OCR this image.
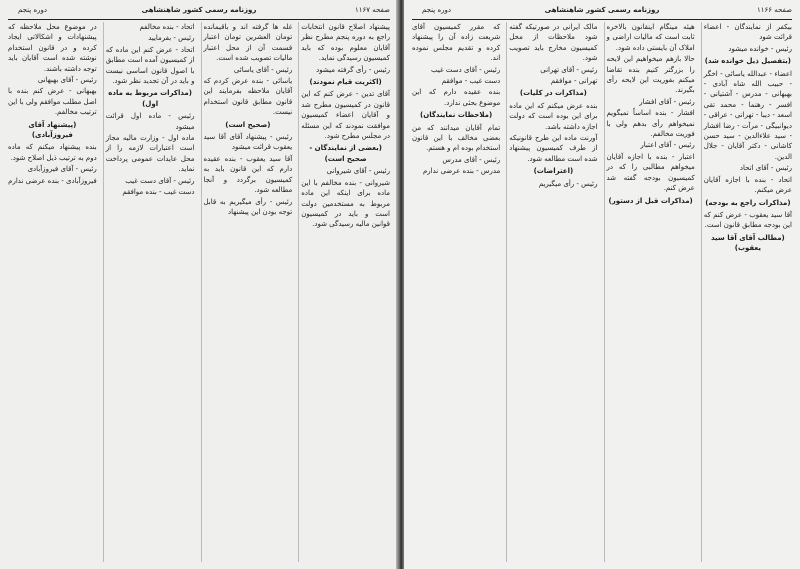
صفحه ۱۱۶۷
روزنامه رسمی کشور شاهنشاهی
دوره پنجم

پیشنهاد اصلاح قانون انتخابات راجع به دوره پنجم مطرح نظر آقایان معلوم بوده که باید کمیسیون رسیدگی نماید.

رئیس - رأی گرفته میشود

(اکثریت قیام نمودند)

آقای تدین - عرض کنم که این قانون در کمیسیون مطرح شد و آقایان اعضاء کمیسیون موافقت نمودند که این مسئله در مجلس مطرح شود.

(بعضی از نمایندگان - صحیح است)

رئیس - آقای شیروانی

شیروانی - بنده مخالفم با این ماده برای اینکه این ماده مربوط به مستخدمین دولت است و باید در کمیسیون قوانین مالیه رسیدگی شود.

غله ها گرفته اند و باقیمانده تومان العشرین تومان اعتبار قسمت آن از محل اعتبار مالیات تصویب شده است.

رئیس - آقای یاسائی

یاسائی - بنده عرض کردم که آقایان ملاحظه بفرمایند این قانون مطابق قانون استخدام نیست.

(صحیح است)

رئیس - پیشنهاد آقای آقا سید یعقوب قرائت میشود

آقا سید یعقوب - بنده عقیده دارم که این قانون باید به کمیسیون برگردد و آنجا مطالعه شود.

رئیس - رأی میگیریم به قابل توجه بودن این پیشنهاد

اتحاد - بنده مخالفم

رئیس - بفرمایید

اتحاد - عرض کنم این ماده که از کمیسیون آمده است مطابق با اصول قانون اساسی نیست و باید در آن تجدید نظر شود.

(مذاکرات مربوط به ماده اول)

رئیس - ماده اول قرائت میشود

ماده اول - وزارت مالیه مجاز است اعتبارات لازمه را از محل عایدات عمومی پرداخت نماید.

رئیس - آقای دست غیب

دست غیب - بنده موافقم

در موضوع محل ملاحظه که پیشنهادات و اشکالاتی ایجاد کرده و در قانون استخدام نوشته شده است آقایان باید توجه داشته باشند.

رئیس - آقای بهبهانی

بهبهانی - عرض کنم بنده با اصل مطلب موافقم ولی با این ترتیب مخالفم.

(پیشنهاد آقای فیروزآبادی)

بنده پیشنهاد میکنم که ماده دوم به ترتیب ذیل اصلاح شود.

رئیس - آقای فیروزآبادی

فیروزآبادی - بنده عرضی ندارم

صفحه ۱۱۶۶
روزنامه رسمی کشور شاهنشاهی
دوره پنجم

بیکفر از نمایندگان - اعضاء قرائت شود

رئیس - خوانده میشود

(بتفصیل ذیل خوانده شد)

اعضاء - عبدالله یاسائی - اخگر - حبیب الله شاه آبادی - بهبهانی - مدرس - آشتیانی - افسر - رهنما - محمد تقی اسعد - دیبا - تهرانی - عراقی - دیوانبیگی - مرآت - رضا افشار - سید علاءالدین - سید حسن کاشانی - دکتر آقایان - جلال الدین.

رئیس - آقای اتحاد

اتحاد - بنده با اجازه آقایان عرض میکنم.

(مذاکرات راجع به بودجه)

آقا سید یعقوب - عرض کنم که این بودجه مطابق قانون است.

(مطالب آقای آقا سید یعقوب)

هیئه مینگام اینقانون بالاخره ثابت است که مالیات اراضی و املاک آن بایستی داده شود.

حالا بازهم میخواهیم این لایحه را بزرگتر کنیم بنده تقاضا میکنم بفوریت این لایحه رأی بگیرند.

رئیس - آقای افشار

افشار - بنده اساساً نمیگویم نمیخواهم رأی بدهم ولی با فوریت مخالفم.

رئیس - آقای اعتبار

اعتبار - بنده با اجازه آقایان میخواهم مطالبی را که در کمیسیون بودجه گفته شد عرض کنم.

(مذاکرات قبل از دستور)

مالک ایرانی در صورتیکه گفته شود ملاحظات از محل کمیسیون مخارج باید تصویب شود.

رئیس - آقای تهرانی

تهرانی - موافقم

(مذاکرات در کلیات)

بنده عرض میکنم که این ماده برای این بوده است که دولت اجازه داشته باشد.

آورنت ماده این طرح قانونیکه از طرف کمیسیون پیشنهاد شده است مطالعه شود.

(اعتراضات)

رئیس - رأی میگیریم

که مقرر کمیسیون آقای شریعت زاده آن را پیشنهاد کرده و تقدیم مجلس نموده اند.

رئیس - آقای دست غیب

دست غیب - موافقم

بنده عقیده دارم که این موضوع بحثی ندارد.

(ملاحظات نمایندگان)

تمام آقایان میدانند که من بعضی مخالف با این قانون استخدام بوده ام و هستم.

رئیس - آقای مدرس

مدرس - بنده عرضی ندارم
